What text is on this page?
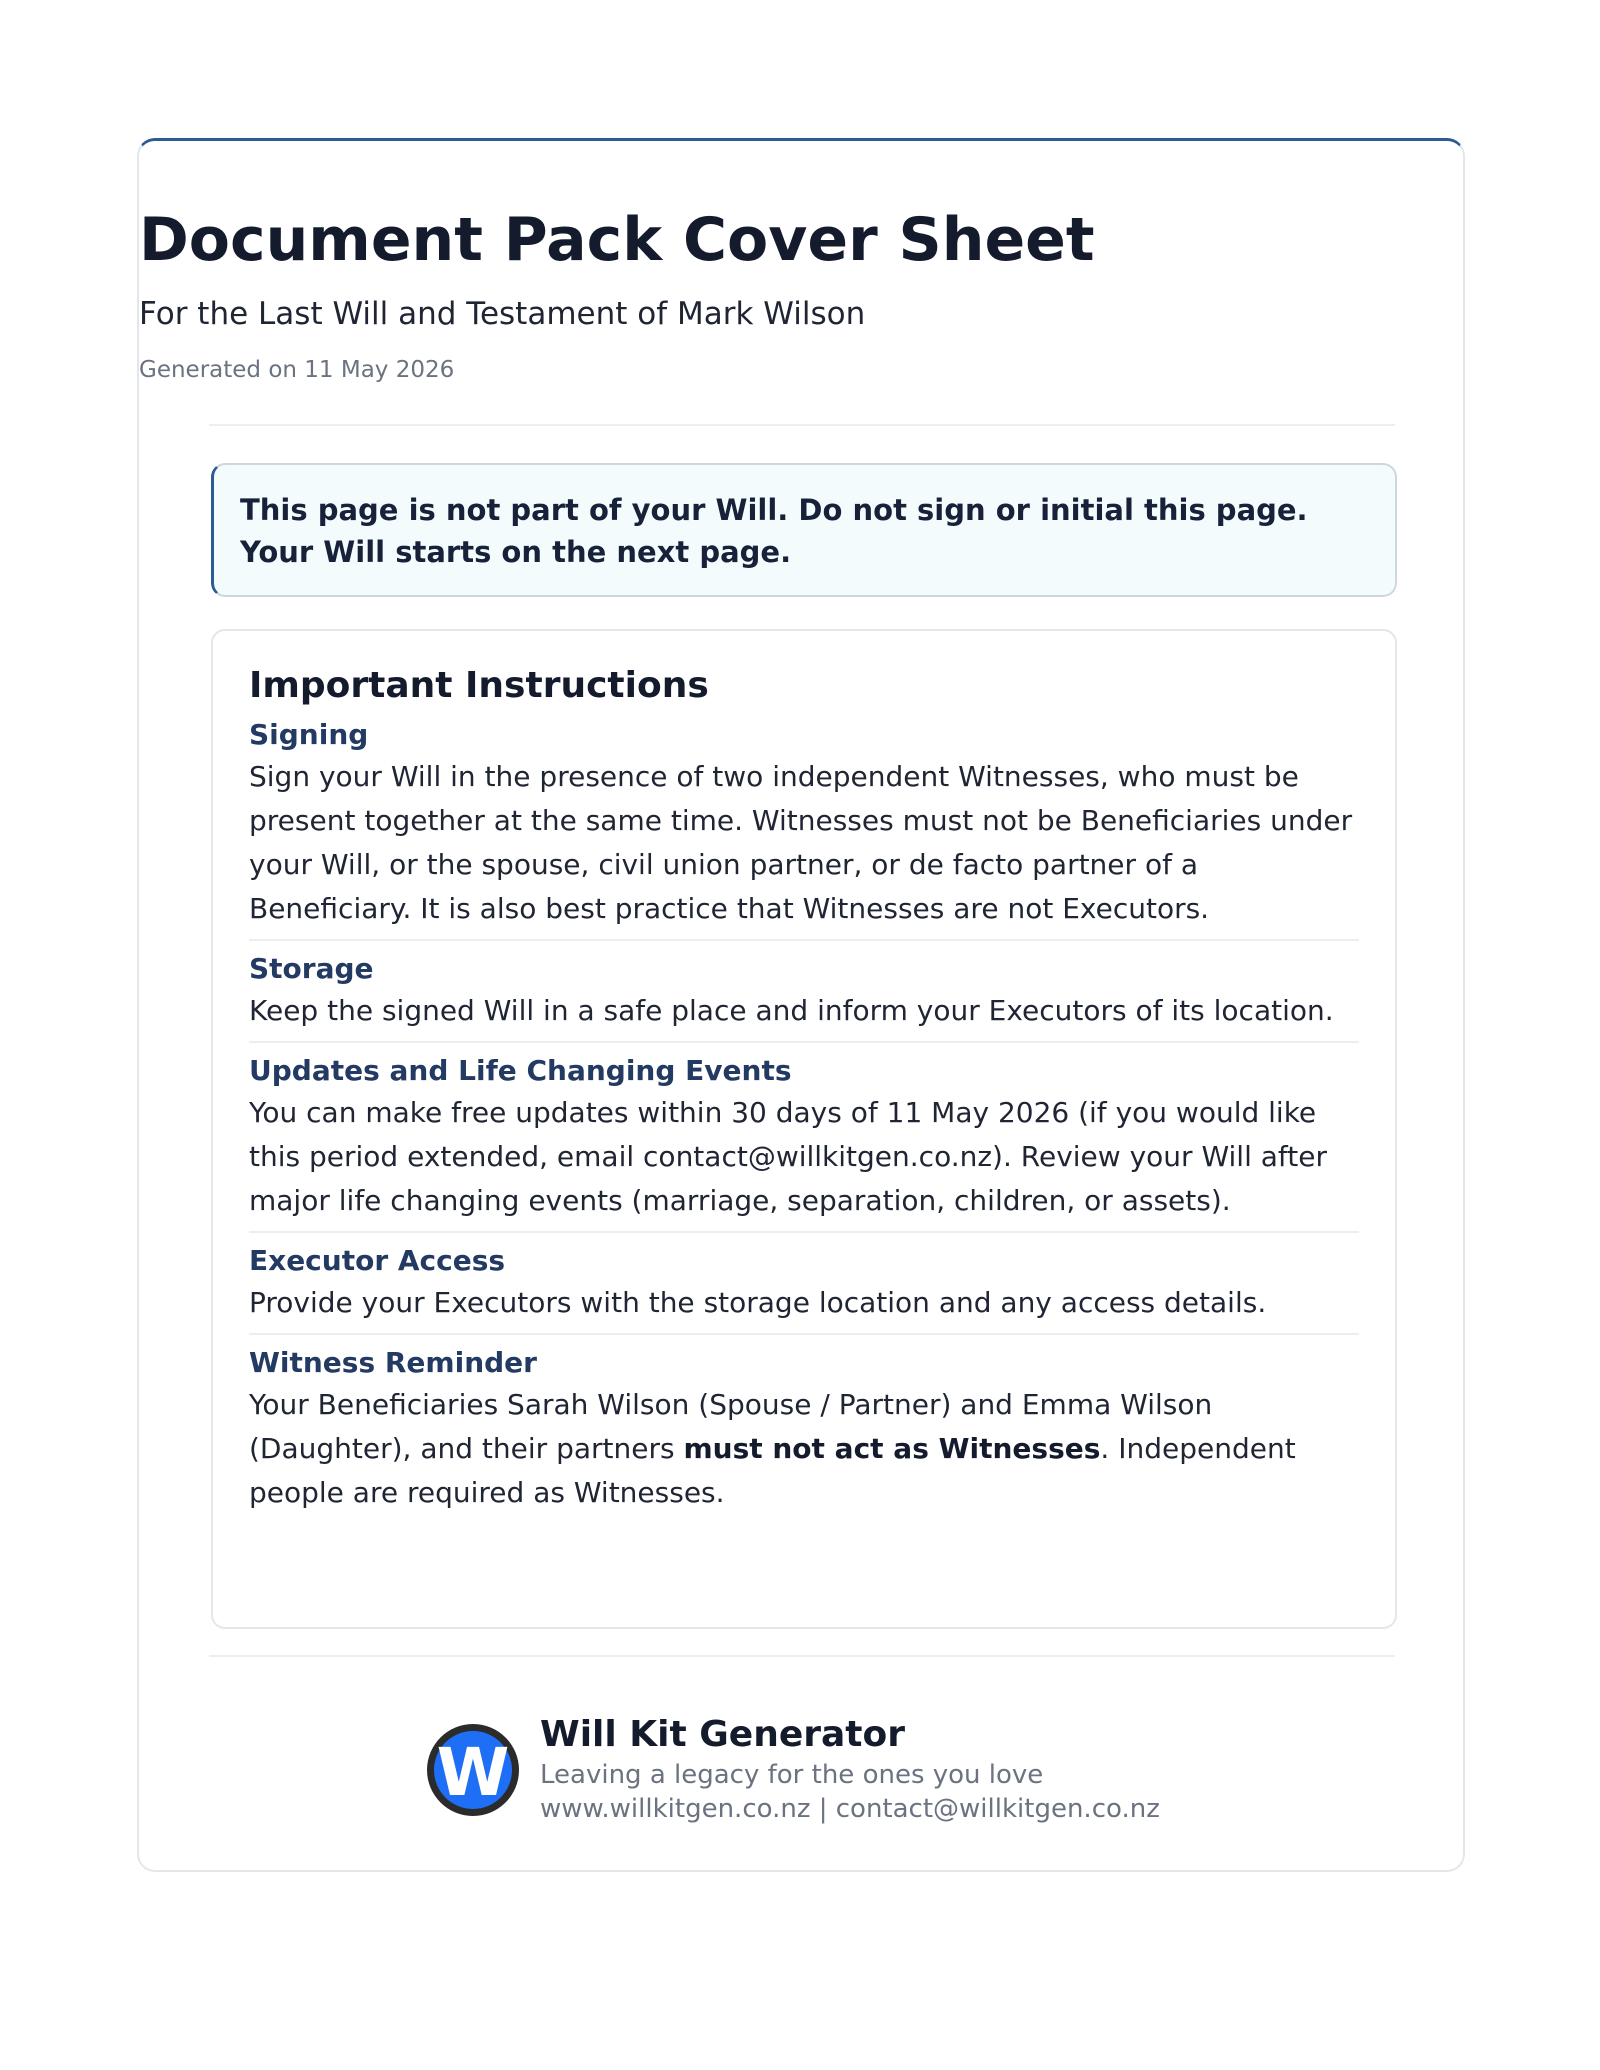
Document Pack Cover Sheet
For the Last Will and Testament of Mark Wilson
Generated on 11 May 2026
This page is not part of your Will. Do not sign or initial this page.
Your Will starts on the next page.
Important Instructions
Signing
Sign your Will in the presence of two independent Witnesses, who must be present together at the same time. Witnesses must not be Beneficiaries under your Will, or the spouse, civil union partner, or de facto partner of a Beneficiary. It is also best practice that Witnesses are not Executors.
Storage
Keep the signed Will in a safe place and inform your Executors of its location.
Updates and Life Changing Events
You can make free updates within 30 days of 11 May 2026 (if you would like this period extended, email contact@willkitgen.co.nz). Review your Will after major life changing events (marriage, separation, children, or assets).
Executor Access
Provide your Executors with the storage location and any access details.
Witness Reminder
Your Beneficiaries Sarah Wilson (Spouse / Partner) and Emma Wilson (Daughter), and their partners must not act as Witnesses. Independent people are required as Witnesses.
W Will Kit Generator
Leaving a legacy for the ones you love
www.willkitgen.co.nz | contact@willkitgen.co.nz
